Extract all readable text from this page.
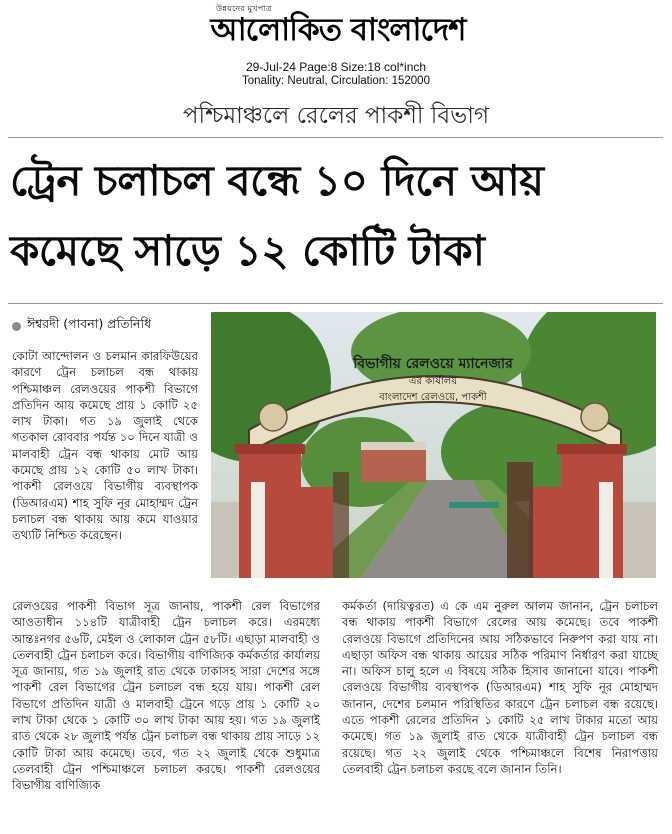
উন্নয়নের মুখপাত্র
আলোকিত বাংলাদেশ
29-Jul-24 Page:8 Size:18 col*inch
Tonality: Neutral, Circulation: 152000
পশ্চিমাঞ্চলে রেলের পাকশী বিভাগ
ট্রেন চলাচল বন্ধে ১০ দিনে আয়
কমেছে সাড়ে ১২ কোটি টাকা
ঈশ্বরদী (পাবনা) প্রতিনিধি
বিভাগীয় রেলওয়ে ম্যানেজার
এর কার্যালয়
বাংলাদেশ রেলওয়ে, পাকশী

কোটা আন্দোলন ও চলমান কারফিউয়ের কারণে ট্রেন চলাচল বন্ধ থাকায় পশ্চিমাঞ্চল রেলওয়ের পাকশী বিভাগে প্রতিদিন আয় কমেছে প্রায় ১ কোটি ২৫ লাখ টাকা। গত ১৯ জুলাই থেকে গতকাল রোববার পর্যন্ত ১০ দিনে যাত্রী ও মালবাহী ট্রেন বন্ধ থাকায় মোট আয় কমেছে প্রায় ১২ কোটি ৫০ লাখ টাকা। পাকশী রেলওয়ে বিভাগীয় ব্যবস্থাপক (ডিআরএম) শাহ সুফি নূর মোহাম্মদ ট্রেন চলাচল বন্ধ থাকায় আয় কমে যাওয়ার তথ্যটি নিশ্চিত করেছেন।

রেলওয়ের পাকশী বিভাগ সূত্র জানায়, পাকশী রেল বিভাগের আওতাধীন ১১৪টি যাত্রীবাহী ট্রেন চলাচল করে। এরমধ্যে আন্তঃনগর ৫৬টি, মেইল ও লোকাল ট্রেন ৫৮টি। এছাড়া মালবাহী ও তেলবাহী ট্রেন চলাচল করে। বিভাগীয় বাণিজ্যিক কর্মকর্তার কার্যালয় সূত্র জানায়, গত ১৯ জুলাই রাত থেকে ঢাকাসহ সারা দেশের সঙ্গে পাকশী রেল বিভাগের ট্রেন চলাচল বন্ধ হয়ে যায়। পাকশী রেল বিভাগে প্রতিদিন যাত্রী ও মালবাহী ট্রেনে গড়ে প্রায় ১ কোটি ২০ লাখ টাকা থেকে ১ কোটি ৩০ লাখ টাকা আয় হয়। গত ১৯ জুলাই রাত থেকে ২৮ জুলাই পর্যন্ত ট্রেন চলাচল বন্ধ থাকায় প্রায় সাড়ে ১২ কোটি টাকা আয় কমেছে। তবে, গত ২২ জুলাই থেকে শুধুমাত্র তেলবাহী ট্রেন পশ্চিমাঞ্চলে চলাচল করছে। পাকশী রেলওয়ের বিভাগীয় বাণিজ্যিক

কর্মকর্তা (দায়িত্বরত) এ কে এম নুরুল আলম জানান, ট্রেন চলাচল বন্ধ থাকায় পাকশী বিভাগে রেলের আয় কমেছে। তবে পাকশী রেলওয়ে বিভাগে প্রতিদিনের আয় সঠিকভাবে নিরুপণ করা যায় না। এছাড়া অফিস বন্ধ থাকায় আয়ের সঠিক পরিমাণ নির্ধারণ করা যাচ্ছে না। অফিস চালু হলে এ বিষয়ে সঠিক হিসাব জানানো যাবে। পাকশী রেলওয়ে বিভাগীয় ব্যবস্থাপক (ডিআরএম) শাহ সুফি নূর মোহাম্মদ জানান, দেশের চলমান পরিস্থিতির কারণে ট্রেন চলাচল বন্ধ রয়েছে। এতে পাকশী রেলের প্রতিদিন ১ কোটি ২৫ লাখ টাকার মতো আয় কমেছে। গত ১৯ জুলাই রাত থেকে যাত্রীবাহী ট্রেন চলাচল বন্ধ রয়েছে। গত ২২ জুলাই থেকে পশ্চিমাঞ্চলে বিশেষ নিরাপত্তায় তেলবাহী ট্রেন চলাচল করছে বলে জানান তিনি।
